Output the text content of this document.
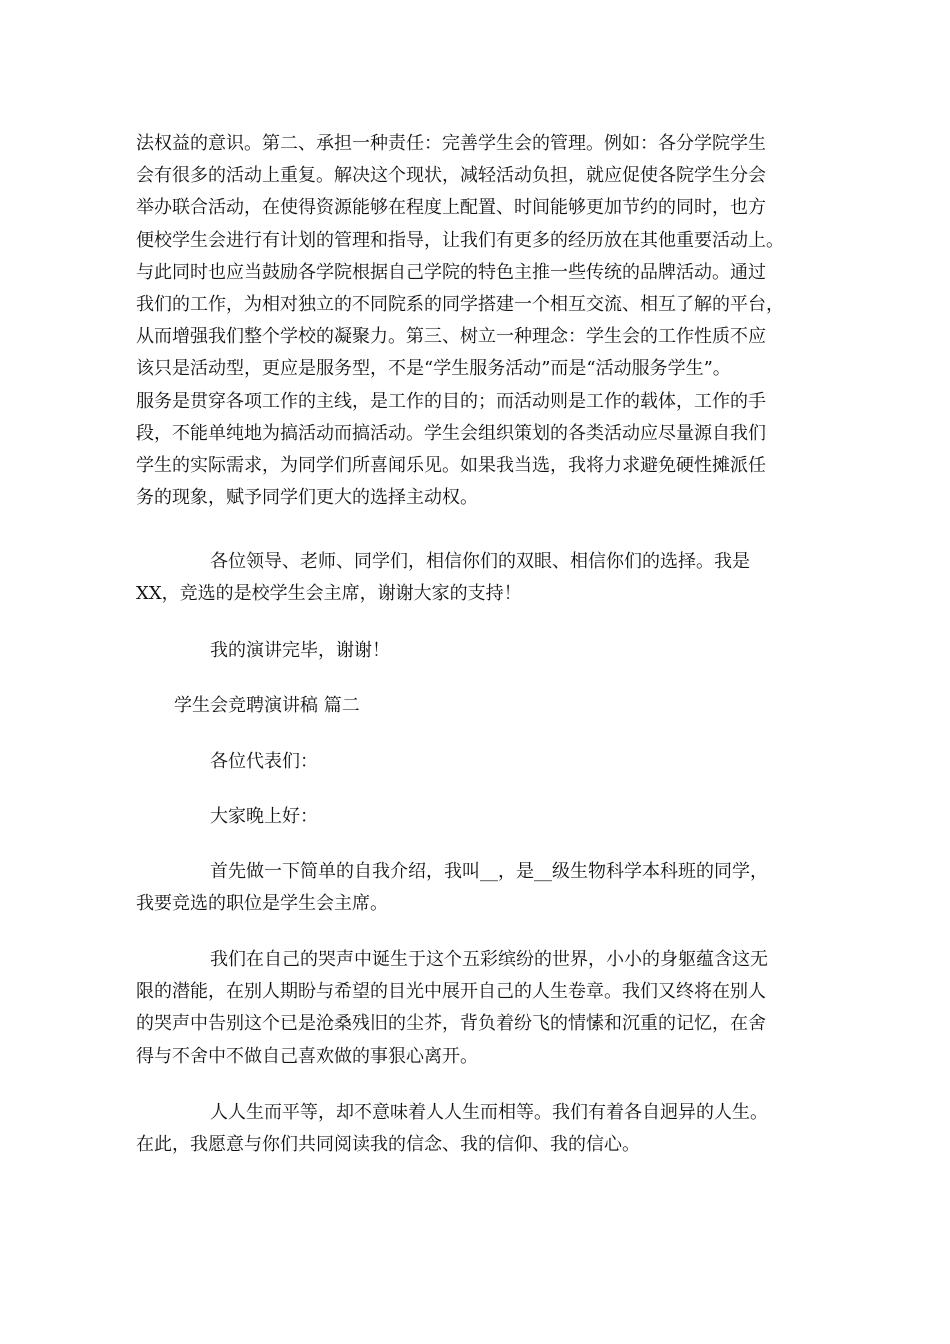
法权益的意识。第二、承担一种责任：完善学生会的管理。例如：各分学院学生
会有很多的活动上重复。解决这个现状，减轻活动负担，就应促使各院学生分会
举办联合活动，在使得资源能够在程度上配置、时间能够更加节约的同时，也方
便校学生会进行有计划的管理和指导，让我们有更多的经历放在其他重要活动上。
与此同时也应当鼓励各学院根据自己学院的特色主推一些传统的品牌活动。通过
我们的工作，为相对独立的不同院系的同学搭建一个相互交流、相互了解的平台，
从而增强我们整个学校的凝聚力。第三、树立一种理念：学生会的工作性质不应
该只是活动型，更应是服务型，不是“学生服务活动”而是“活动服务学生”。
服务是贯穿各项工作的主线，是工作的目的；而活动则是工作的载体，工作的手
段，不能单纯地为搞活动而搞活动。学生会组织策划的各类活动应尽量源自我们
学生的实际需求，为同学们所喜闻乐见。如果我当选，我将力求避免硬性摊派任
务的现象，赋予同学们更大的选择主动权。
各位领导、老师、同学们，相信你们的双眼、相信你们的选择。我是
XX，竞选的是校学生会主席，谢谢大家的支持！

我的演讲完毕，谢谢！

学生会竞聘演讲稿 篇二

各位代表们：

大家晚上好：

首先做一下简单的自我介绍，我叫__，是__级生物科学本科班的同学，
我要竞选的职位是学生会主席。
我们在自己的哭声中诞生于这个五彩缤纷的世界，小小的身躯蕴含这无
限的潜能，在别人期盼与希望的目光中展开自己的人生卷章。我们又终将在别人
的哭声中告别这个已是沧桑残旧的尘芥，背负着纷飞的情愫和沉重的记忆，在舍
得与不舍中不做自己喜欢做的事狠心离开。
人人生而平等，却不意味着人人生而相等。我们有着各自迥异的人生。
在此，我愿意与你们共同阅读我的信念、我的信仰、我的信心。
